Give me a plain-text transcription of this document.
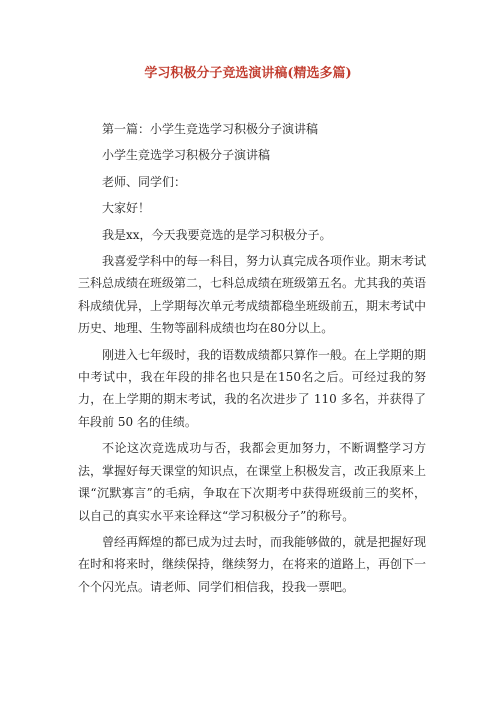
学习积极分子竞选演讲稿(精选多篇)

第一篇：小学生竞选学习积极分子演讲稿

小学生竞选学习积极分子演讲稿

老师、同学们：

大家好！

我是xx，今天我要竞选的是学习积极分子。

我喜爱学科中的每一科目，努力认真完成各项作业。期末考试三科总成绩在班级第二，七科总成绩在班级第五名。尤其我的英语科成绩优异，上学期每次单元考成绩都稳坐班级前五，期末考试中历史、地理、生物等副科成绩也均在80分以上。

刚进入七年级时，我的语数成绩都只算作一般。在上学期的期中考试中，我在年段的排名也只是在150名之后。可经过我的努力，在上学期的期末考试，我的名次进步了 110 多名，并获得了年段前 50 名的佳绩。

不论这次竞选成功与否，我都会更加努力，不断调整学习方法，掌握好每天课堂的知识点，在课堂上积极发言，改正我原来上课“沉默寡言”的毛病，争取在下次期考中获得班级前三的奖杯，以自己的真实水平来诠释这“学习积极分子”的称号。

曾经再辉煌的都已成为过去时，而我能够做的，就是把握好现在时和将来时，继续保持，继续努力，在将来的道路上，再创下一个个闪光点。请老师、同学们相信我，投我一票吧。
